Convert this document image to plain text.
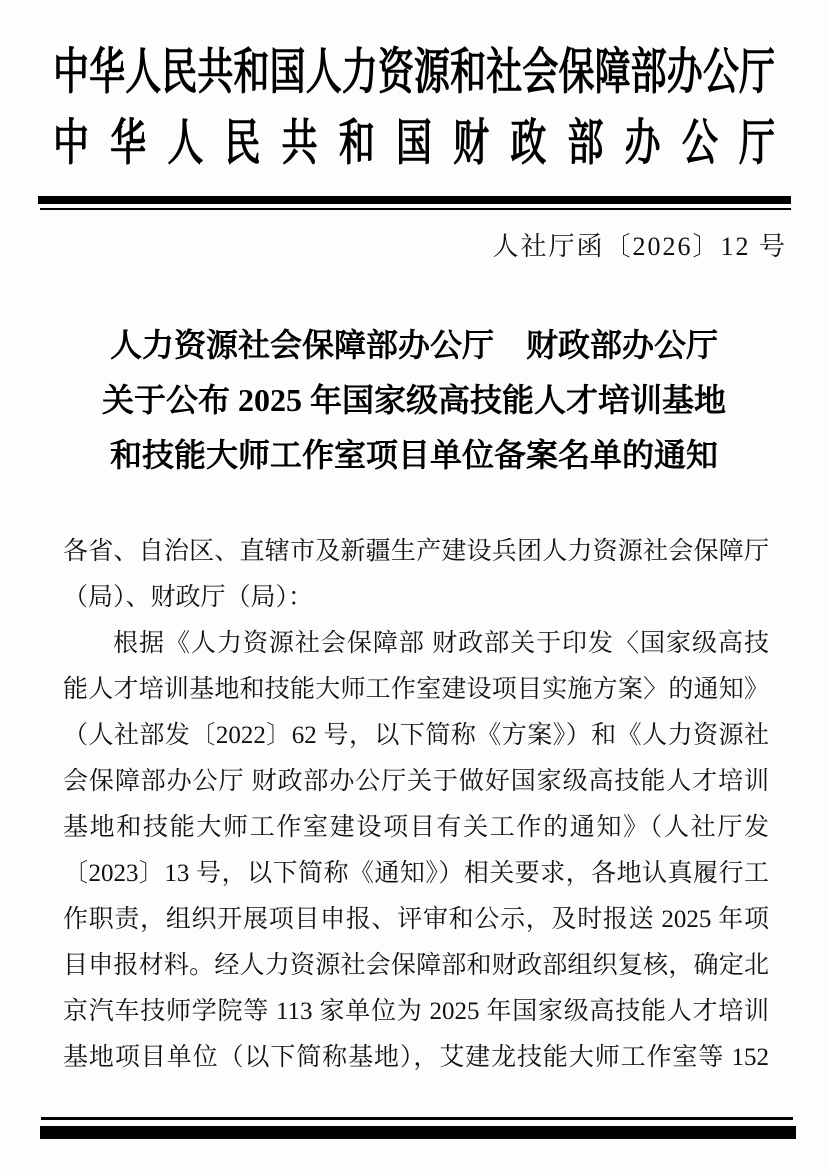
中华人民共和国人力资源和社会保障部办公厅
中华人民共和国财政部办公厅
人社厅函〔2026〕12 号
人力资源社会保障部办公厅　财政部办公厅
关于公布 2025 年国家级高技能人才培训基地
和技能大师工作室项目单位备案名单的通知
各省、自治区、直辖市及新疆生产建设兵团人力资源社会保障厅
（局）、财政厅（局）：
根据《人力资源社会保障部 财政部关于印发〈国家级高技
能人才培训基地和技能大师工作室建设项目实施方案〉的通知》
（人社部发〔2022〕62 号，以下简称《方案》）和《人力资源社
会保障部办公厅 财政部办公厅关于做好国家级高技能人才培训
基地和技能大师工作室建设项目有关工作的通知》（人社厅发
〔2023〕13 号，以下简称《通知》）相关要求，各地认真履行工
作职责，组织开展项目申报、评审和公示，及时报送 2025 年项
目申报材料。经人力资源社会保障部和财政部组织复核，确定北
京汽车技师学院等 113 家单位为 2025 年国家级高技能人才培训
基地项目单位（以下简称基地），艾建龙技能大师工作室等 152
